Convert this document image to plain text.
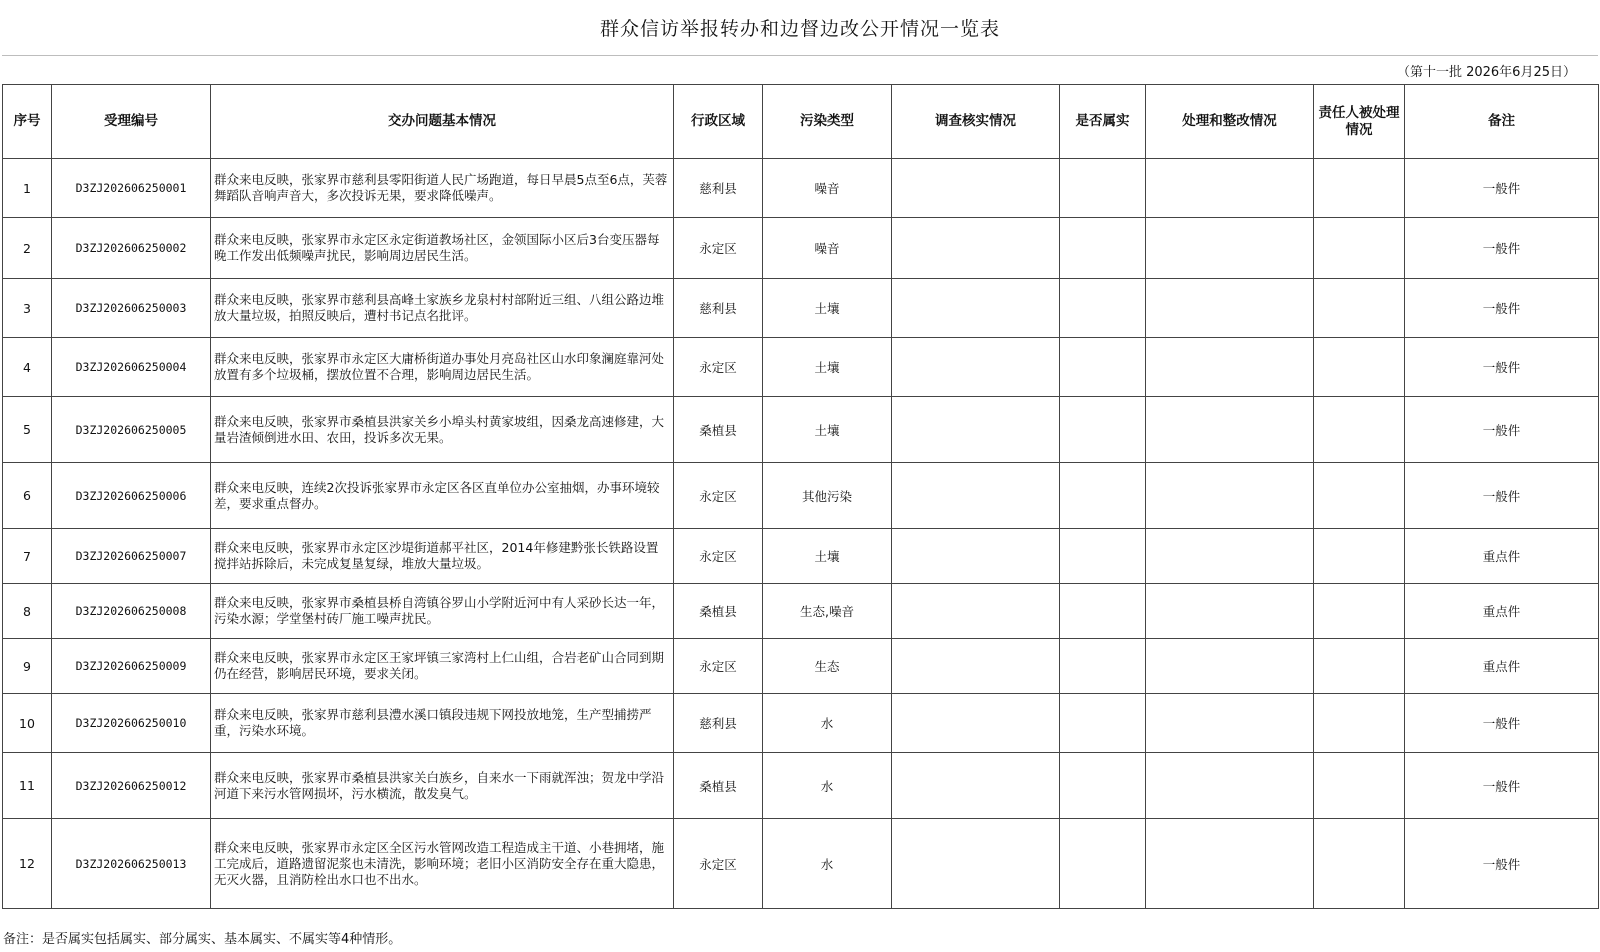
群众信访举报转办和边督边改公开情况一览表
（第十一批 2026年6月25日）
序号	受理编号	交办问题基本情况	行政区域	污染类型	调查核实情况	是否属实	处理和整改情况	责任人被处理情况	备注
1	D3ZJ202606250001	群众来电反映，张家界市慈利县零阳街道人民广场跑道，每日早晨5点至6点，芙蓉舞蹈队音响声音大，多次投诉无果，要求降低噪声。	慈利县	噪音					一般件
2	D3ZJ202606250002	群众来电反映，张家界市永定区永定街道教场社区，金领国际小区后3台变压器每晚工作发出低频噪声扰民，影响周边居民生活。	永定区	噪音					一般件
3	D3ZJ202606250003	群众来电反映，张家界市慈利县高峰土家族乡龙泉村村部附近三组、八组公路边堆放大量垃圾，拍照反映后，遭村书记点名批评。	慈利县	土壤					一般件
4	D3ZJ202606250004	群众来电反映，张家界市永定区大庸桥街道办事处月亮岛社区山水印象澜庭靠河处放置有多个垃圾桶，摆放位置不合理，影响周边居民生活。	永定区	土壤					一般件
5	D3ZJ202606250005	群众来电反映，张家界市桑植县洪家关乡小埠头村黄家坡组，因桑龙高速修建，大量岩渣倾倒进水田、农田，投诉多次无果。	桑植县	土壤					一般件
6	D3ZJ202606250006	群众来电反映，连续2次投诉张家界市永定区各区直单位办公室抽烟，办事环境较差，要求重点督办。	永定区	其他污染					一般件
7	D3ZJ202606250007	群众来电反映，张家界市永定区沙堤街道郝平社区，2014年修建黔张长铁路设置搅拌站拆除后，未完成复垦复绿，堆放大量垃圾。	永定区	土壤					重点件
8	D3ZJ202606250008	群众来电反映，张家界市桑植县桥自湾镇谷罗山小学附近河中有人采砂长达一年，污染水源；学堂堡村砖厂施工噪声扰民。	桑植县	生态,噪音					重点件
9	D3ZJ202606250009	群众来电反映，张家界市永定区王家坪镇三家湾村上仁山组，合岩老矿山合同到期仍在经营，影响居民环境，要求关闭。	永定区	生态					重点件
10	D3ZJ202606250010	群众来电反映，张家界市慈利县澧水溪口镇段违规下网投放地笼，生产型捕捞严重，污染水环境。	慈利县	水					一般件
11	D3ZJ202606250012	群众来电反映，张家界市桑植县洪家关白族乡，自来水一下雨就浑浊；贺龙中学沿河道下来污水管网损坏，污水横流，散发臭气。	桑植县	水					一般件
12	D3ZJ202606250013	群众来电反映，张家界市永定区全区污水管网改造工程造成主干道、小巷拥堵，施工完成后，道路遗留泥浆也未清洗，影响环境；老旧小区消防安全存在重大隐患，无灭火器，且消防栓出水口也不出水。	永定区	水					一般件
备注：是否属实包括属实、部分属实、基本属实、不属实等4种情形。
